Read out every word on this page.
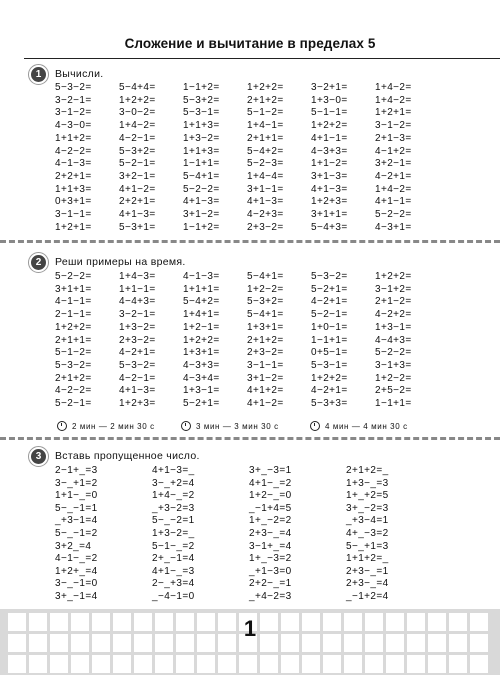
Сложение и вычитание в пределах 5
1	Вычисли.
5−3−2=	5−4+4=	1−1+2=	1+2+2=	3−2+1=	1+4−2=
3−2−1=	1+2+2=	5−3+2=	2+1+2=	1+3−0=	1+4−2=
3−1−2=	3−0−2=	5−3−1=	5−1−2=	5−1−1=	1+2+1=
4−3−0=	1+4−2=	1+1+3=	1+4−1=	1+2+2=	3−1−2=
1+1+2=	4−2−1=	1+3−2=	2+1+1=	4+1−1=	2+1−3=
4−2−2=	5−3+2=	1+1+3=	5−4+2=	4−3+3=	4−1+2=
4−1−3=	5−2−1=	1−1+1=	5−2−3=	1+1−2=	3+2−1=
2+2+1=	3+2−1=	5−4+1=	1+4−4=	3+1−3=	4−2+1=
1+1+3=	4+1−2=	5−2−2=	3+1−1=	4+1−3=	1+4−2=
0+3+1=	2+2+1=	4+1−3=	4+1−3=	1+2+3=	4+1−1=
3−1−1=	4+1−3=	3+1−2=	4−2+3=	3+1+1=	5−2−2=
1+2+1=	5−3+1=	1−1+2=	2+3−2=	5−4+3=	4−3+1=
2	Реши примеры на время.
5−2−2=	1+4−3=	4−1−3=	5−4+1=	5−3−2=	1+2+2=
3+1+1=	1+1−1=	1+1+1=	1+2−2=	5−2+1=	3−1+2=
4−1−1=	4−4+3=	5−4+2=	5−3+2=	4−2+1=	2+1−2=
2−1−1=	3−2−1=	1+4+1=	5−4+1=	5−2−1=	4−2+2=
1+2+2=	1+3−2=	1+2−1=	1+3+1=	1+0−1=	1+3−1=
2+1+1=	2+3−2=	1+2+2=	2+1+2=	1−1+1=	4−4+3=
5−1−2=	4−2+1=	1+3+1=	2+3−2=	0+5−1=	5−2−2=
5−3−2=	5−3−2=	4−3+3=	3−1−1=	5−3−1=	3−1+3=
2+1+2=	4−2−1=	4−3+4=	3+1−2=	1+2+2=	1+2−2=
4−2−2=	4+1−3=	1+3−1=	4+1+2=	4−2+1=	2+5−2=
5−2−1=	1+2+3=	5−2+1=	4+1−2=	5−3+3=	1−1+1=
2 мин — 2 мин 30 с	3 мин — 3 мин 30 с	4 мин — 4 мин 30 с
3	Вставь пропущенное число.
2−1+_=3	4+1−3=_	3+_−3=1	2+1+2=_
3−_+1=2	3−_+2=4	4+1−_=2	1+3−_=3
1+1−_=0	1+4−_=2	1+2−_=0	1+_+2=5
5−_−1=1	_+3−2=3	_−1+4=5	3+_−2=3
_+3−1=4	5−_−2=1	1+_−2=2	_+3−4=1
5−_−1=2	1+3−2=_	2+3−_=4	4+_−3=2
3+2_=4	5−1−_=2	3−1+_=4	5−_+1=3
4−1−_=2	2+_−1=4	1+_−3=2	1+1+2=_
1+2+_=4	4+1−_=3	_+1−3=0	2+3−_=1
3−_−1=0	2−_+3=4	2+2−_=1	2+3−_=4
3+_−1=4	_−4−1=0	_+4−2=3	_−1+2=4
1
